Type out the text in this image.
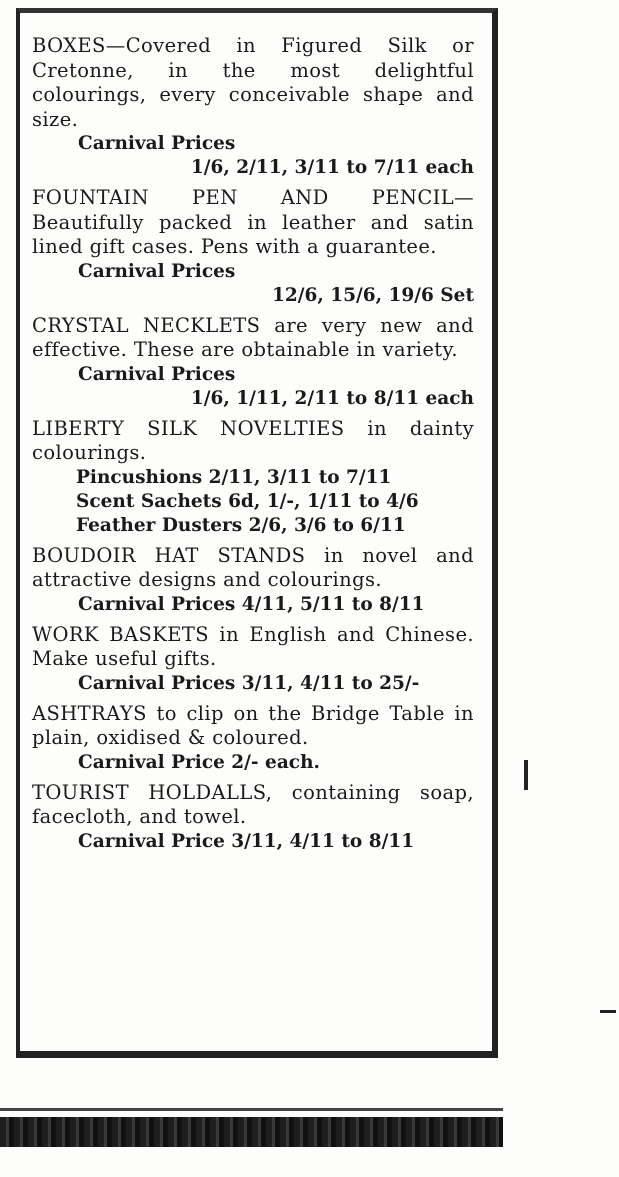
BOXES—Covered in Figured Silk or Cretonne, in the most delightful colourings, every conceivable shape and size.

Carnival Prices

1/6, 2/11, 3/11 to 7/11 each

FOUNTAIN PEN AND PENCIL—Beautifully packed in leather and satin lined gift cases. Pens with a guarantee.

Carnival Prices

12/6, 15/6, 19/6 Set

CRYSTAL NECKLETS are very new and effective. These are obtainable in variety.

Carnival Prices

1/6, 1/11, 2/11 to 8/11 each

LIBERTY SILK NOVELTIES in dainty colourings.

Pincushions 2/11, 3/11 to 7/11

Scent Sachets 6d, 1/-, 1/11 to 4/6

Feather Dusters 2/6, 3/6 to 6/11

BOUDOIR HAT STANDS in novel and attractive designs and colourings.

Carnival Prices 4/11, 5/11 to 8/11

WORK BASKETS in English and Chinese. Make useful gifts.

Carnival Prices 3/11, 4/11 to 25/-

ASHTRAYS to clip on the Bridge Table in plain, oxidised & coloured.

Carnival Price 2/- each.

TOURIST HOLDALLS, containing soap, facecloth, and towel.

Carnival Price 3/11, 4/11 to 8/11
